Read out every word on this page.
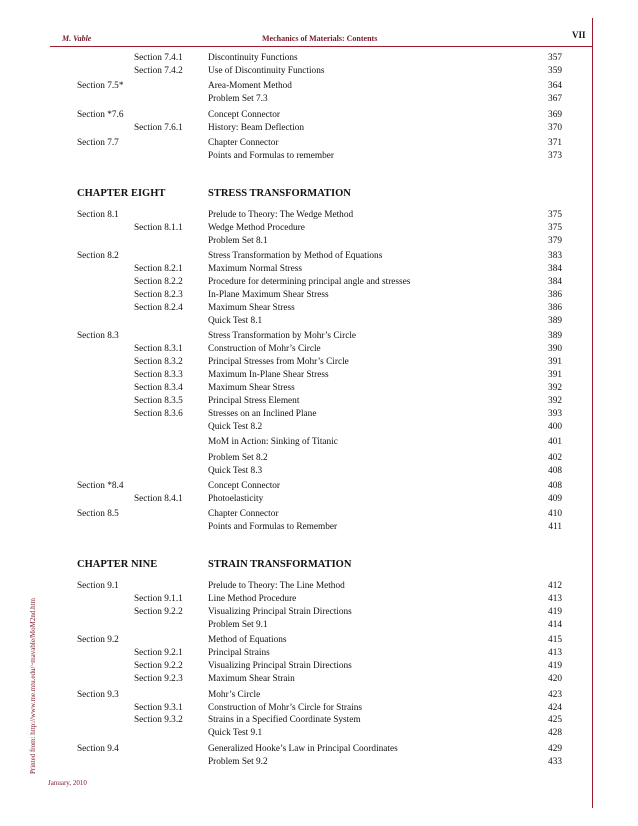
M. Vable	Mechanics of Materials: Contents	VII
Printed from: http://www.me.mtu.edu/~mavable/MoM2nd.htm
January, 2010
Section 7.4.1	Discontinuity Functions	357
Section 7.4.2	Use of Discontinuity Functions	359
Section 7.5*	Area-Moment Method	364
Problem Set 7.3	367
Section *7.6	Concept Connector	369
Section 7.6.1	History: Beam Deflection	370
Section 7.7	Chapter Connector	371
Points and Formulas to remember	373
CHAPTER EIGHT	STRESS TRANSFORMATION
Section 8.1	Prelude to Theory: The Wedge Method	375
Section 8.1.1	Wedge Method Procedure	375
Problem Set 8.1	379
Section 8.2	Stress Transformation by Method of Equations	383
Section 8.2.1	Maximum Normal Stress	384
Section 8.2.2	Procedure for determining principal angle and stresses	384
Section 8.2.3	In-Plane Maximum Shear Stress	386
Section 8.2.4	Maximum Shear Stress	386
Quick Test 8.1	389
Section 8.3	Stress Transformation by Mohr’s Circle	389
Section 8.3.1	Construction of Mohr’s Circle	390
Section 8.3.2	Principal Stresses from Mohr’s Circle	391
Section 8.3.3	Maximum In-Plane Shear Stress	391
Section 8.3.4	Maximum Shear Stress	392
Section 8.3.5	Principal Stress Element	392
Section 8.3.6	Stresses on an Inclined Plane	393
Quick Test 8.2	400
MoM in Action: Sinking of Titanic	401
Problem Set 8.2	402
Quick Test 8.3	408
Section *8.4	Concept Connector	408
Section 8.4.1	Photoelasticity	409
Section 8.5	Chapter Connector	410
Points and Formulas to Remember	411
CHAPTER NINE	STRAIN TRANSFORMATION
Section 9.1	Prelude to Theory: The Line Method	412
Section 9.1.1	Line Method Procedure	413
Section 9.2.2	Visualizing Principal Strain Directions	419
Problem Set 9.1	414
Section 9.2	Method of Equations	415
Section 9.2.1	Principal Strains	413
Section 9.2.2	Visualizing Principal Strain Directions	419
Section 9.2.3	Maximum Shear Strain	420
Section 9.3	Mohr’s Circle	423
Section 9.3.1	Construction of Mohr’s Circle for Strains	424
Section 9.3.2	Strains in a Specified Coordinate System	425
Quick Test 9.1	428
Section 9.4	Generalized Hooke’s Law in Principal Coordinates	429
Problem Set 9.2	433
